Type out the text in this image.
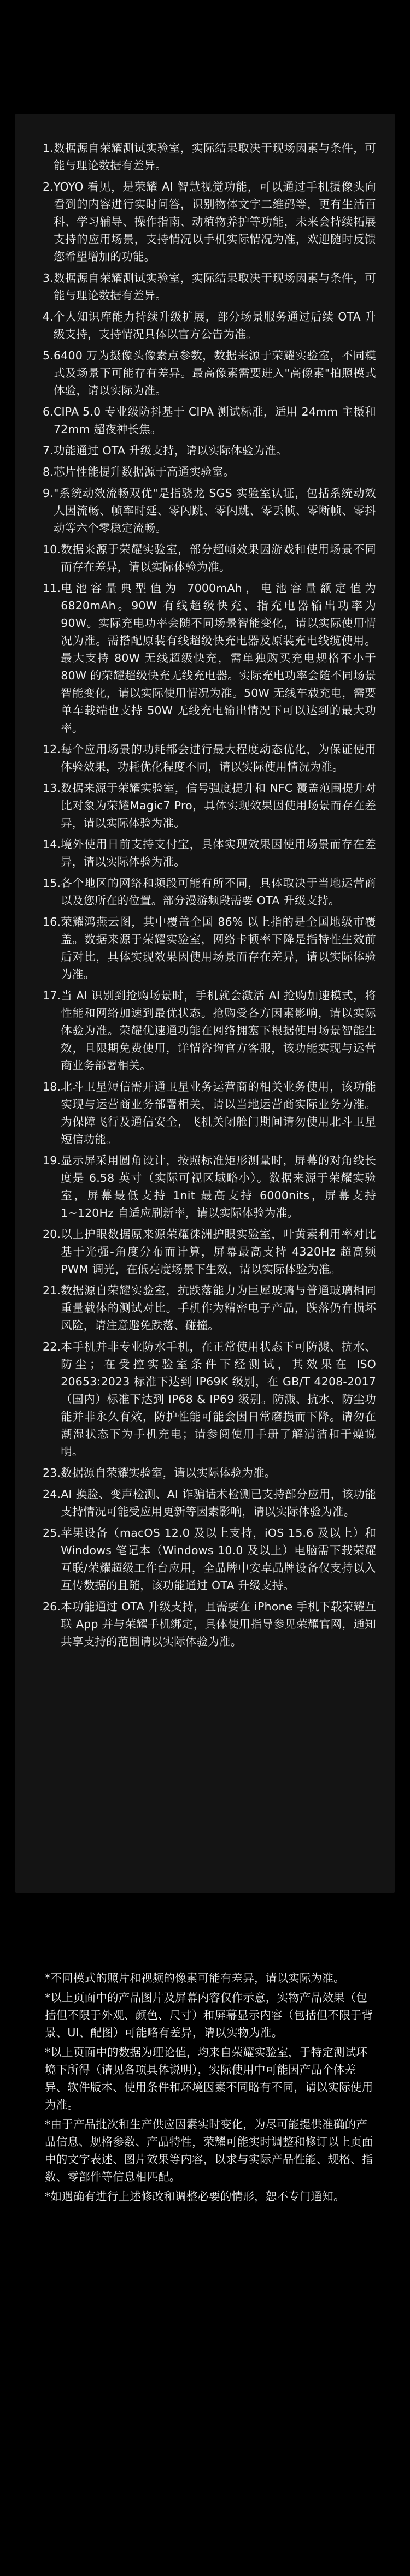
1. 数据源自荣耀测试实验室，实际结果取决于现场因素与条件，可能与理论数据有差异。
2. YOYO 看见，是荣耀 AI 智慧视觉功能，可以通过手机摄像头向看到的内容进行实时问答，识别物体文字二维码等，更有生活百科、学习辅导、操作指南、动植物养护等功能，未来会持续拓展支持的应用场景，支持情况以手机实际情况为准，欢迎随时反馈您希望增加的功能。
3. 数据源自荣耀测试实验室，实际结果取决于现场因素与条件，可能与理论数据有差异。
4. 个人知识库能力持续升级扩展，部分场景服务通过后续 OTA 升级支持，支持情况具体以官方公告为准。
5. 6400 万为摄像头像素点参数，数据来源于荣耀实验室，不同模式及场景下可能存有差异。最高像素需要进入"高像素"拍照模式体验，请以实际为准。
6. CIPA 5.0 专业级防抖基于 CIPA 测试标准，适用 24mm 主摄和 72mm 超夜神长焦。
7. 功能通过 OTA 升级支持，请以实际体验为准。
8. 芯片性能提升数据源于高通实验室。
9. "系统动效流畅双优"是指骁龙 SGS 实验室认证，包括系统动效人因流畅、帧率时延、零闪跳、零闪跳、零丢帧、零断帧、零抖动等六个零稳定流畅。
10. 数据来源于荣耀实验室，部分超帧效果因游戏和使用场景不同而存在差异，请以实际体验为准。
11. 电池容量典型值为 7000mAh，电池容量额定值为 6820mAh。90W 有线超级快充、指充电器输出功率为 90W。实际充电功率会随不同场景智能变化，请以实际使用情况为准。需搭配原装有线超级快充电器及原装充电线缆使用。最大支持 80W 无线超级快充，需单独购买充电规格不小于 80W 的荣耀超级快充无线充电器。实际充电功率会随不同场景智能变化，请以实际使用情况为准。50W 无线车载充电，需要单车载端也支持 50W 无线充电输出情况下可以达到的最大功率。
12. 每个应用场景的功耗都会进行最大程度动态优化，为保证使用体验效果，功耗优化程度不同，请以实际使用情况为准。
13. 数据来源于荣耀实验室，信号强度提升和 NFC 覆盖范围提升对比对象为荣耀Magic7 Pro，具体实现效果因使用场景而存在差异，请以实际体验为准。
14. 境外使用日前支持支付宝，具体实现效果因使用场景而存在差异，请以实际体验为准。
15. 各个地区的网络和频段可能有所不同，具体取决于当地运营商以及您所在的位置。部分漫游频段需要 OTA 升级支持。
16. 荣耀鸿燕云图，其中覆盖全国 86% 以上指的是全国地级市覆盖。数据来源于荣耀实验室，网络卡顿率下降是指特性生效前后对比，具体实现效果因使用场景而存在差异，请以实际体验为准。
17. 当 AI 识别到抢购场景时，手机就会激活 AI 抢购加速模式，将性能和网络加速到最优状态。抢购受各方因素影响，请以实际体验为准。荣耀优速通功能在网络拥塞下根据使用场景智能生效，且限期免费使用，详情咨询官方客服，该功能实现与运营商业务部署相关。
18. 北斗卫星短信需开通卫星业务运营商的相关业务使用，该功能实现与运营商业务部署相关，请以当地运营商实际业务为准。为保障飞行及通信安全，飞机关闭舱门期间请勿使用北斗卫星短信功能。
19. 显示屏采用圆角设计，按照标准矩形测量时，屏幕的对角线长度是 6.58 英寸（实际可视区域略小）。数据来源于荣耀实验室，屏幕最低支持 1nit 最高支持 6000nits，屏幕支持 1~120Hz 自适应刷新率，请以实际体验为准。
20. 以上护眼数据原来源荣耀徕洲护眼实验室，叶黄素利用率对比基于光强-角度分布而计算，屏幕最高支持 4320Hz 超高频 PWM 调光，在低亮度场景下生效，请以实际体验为准。
21. 数据源自荣耀实验室，抗跌落能力为巨犀玻璃与普通玻璃相同重量载体的测试对比。手机作为精密电子产品，跌落仍有损坏风险，请注意避免跌落、碰撞。
22. 本手机并非专业防水手机，在正常使用状态下可防溅、抗水、防尘；在受控实验室条件下经测试，其效果在 ISO 20653:2023 标准下达到 IP69K 级别，在 GB/T 4208-2017（国内）标准下达到 IP68 & IP69 级别。防溅、抗水、防尘功能并非永久有效，防护性能可能会因日常磨损而下降。请勿在潮湿状态下为手机充电；请参阅使用手册了解清洁和干燥说明。
23. 数据源自荣耀实验室，请以实际体验为准。
24. AI 换脸、变声检测、AI 诈骗话术检测已支持部分应用，该功能支持情况可能受应用更新等因素影响，请以实际体验为准。
25. 苹果设备（macOS 12.0 及以上支持，iOS 15.6 及以上）和 Windows 笔记本（Windows 10.0 及以上）电脑需下载荣耀互联/荣耀超级工作台应用，全品牌中安卓品牌设备仅支持以入互传数据的且随，该功能通过 OTA 升级支持。
26. 本功能通过 OTA 升级支持，且需要在 iPhone 手机下载荣耀互联 App 并与荣耀手机绑定，具体使用指导参见荣耀官网，通知共享支持的范围请以实际体验为准。
*不同模式的照片和视频的像素可能有差异，请以实际为准。
*以上页面中的产品图片及屏幕内容仅作示意，实物产品效果（包括但不限于外观、颜色、尺寸）和屏幕显示内容（包括但不限于背景、UI、配图）可能略有差异，请以实物为准。
*以上页面中的数据为理论值，均来自荣耀实验室，于特定测试环境下所得（请见各项具体说明），实际使用中可能因产品个体差异、软件版本、使用条件和环境因素不同略有不同，请以实际使用为准。
*由于产品批次和生产供应因素实时变化，为尽可能提供准确的产品信息、规格参数、产品特性，荣耀可能实时调整和修订以上页面中的文字表述、图片效果等内容，以求与实际产品性能、规格、指数、零部件等信息相匹配。
*如遇确有进行上述修改和调整必要的情形，恕不专门通知。
